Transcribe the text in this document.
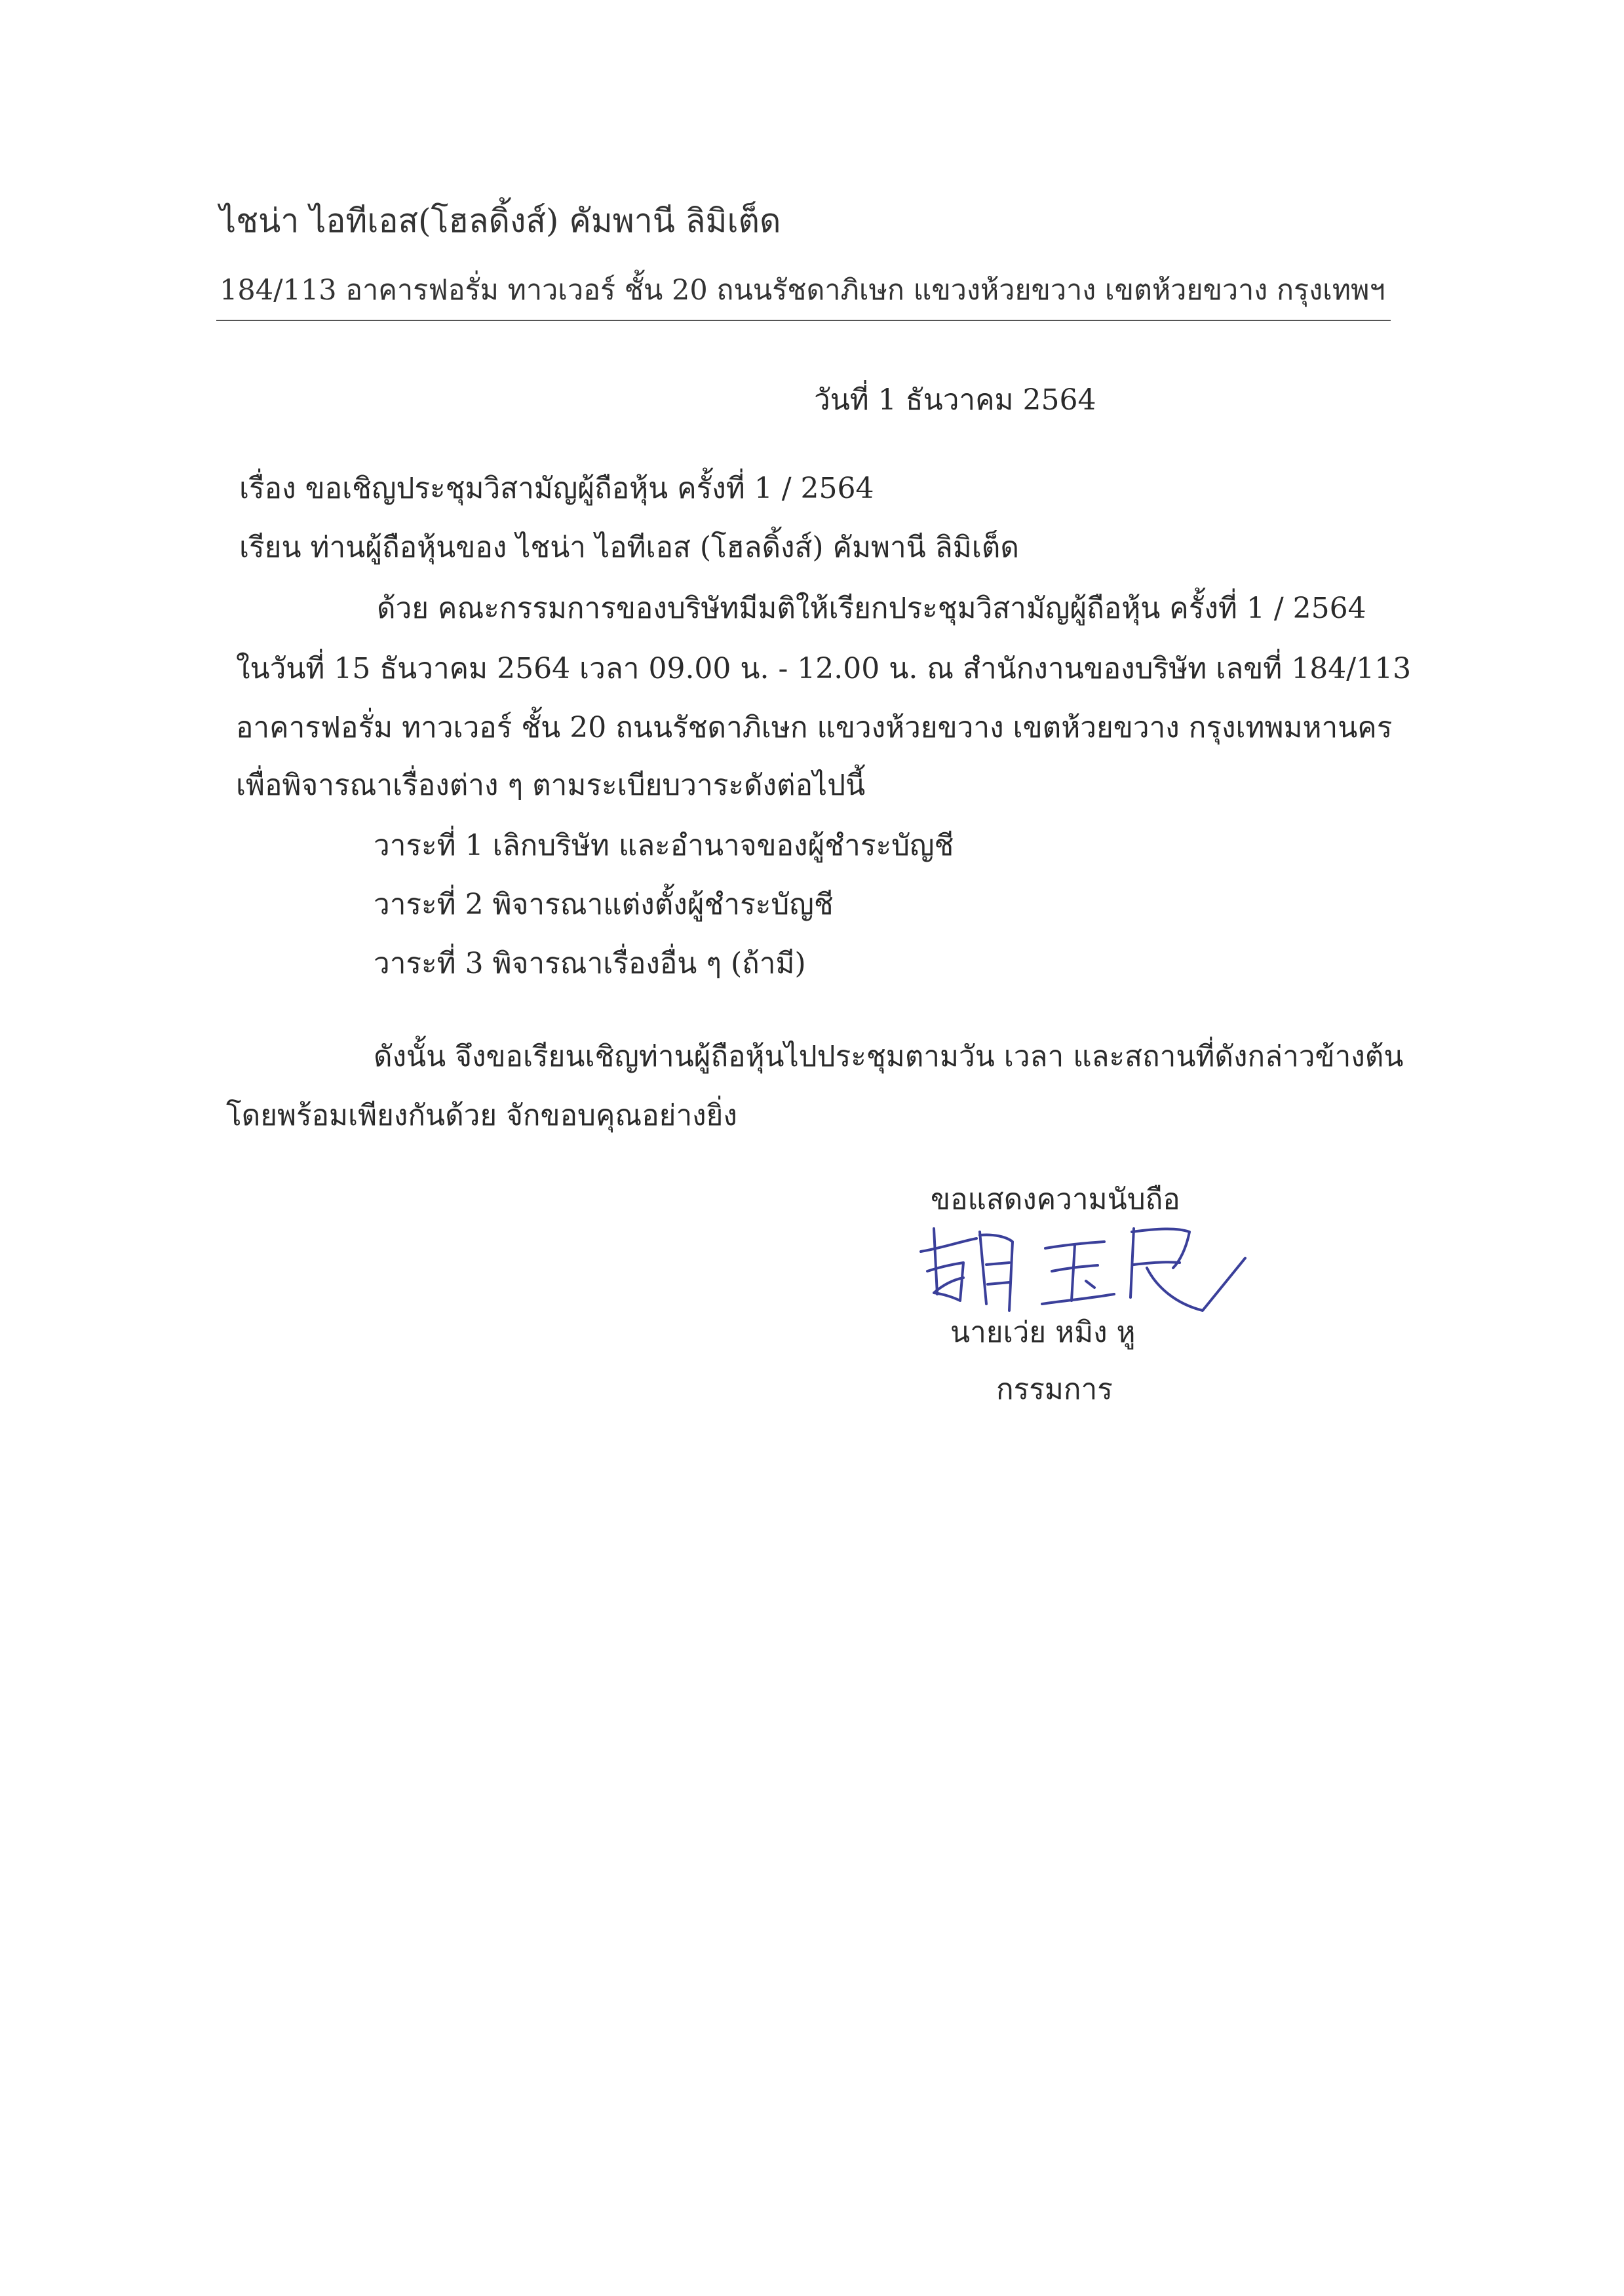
ไชน่า ไอทีเอส(โฮลดิ้งส์) คัมพานี ลิมิเต็ด
184/113 อาคารฟอรั่ม ทาวเวอร์ ชั้น 20 ถนนรัชดาภิเษก แขวงห้วยขวาง เขตห้วยขวาง กรุงเทพฯ
วันที่ 1 ธันวาคม 2564
เรื่อง ขอเชิญประชุมวิสามัญผู้ถือหุ้น ครั้งที่ 1 / 2564
เรียน ท่านผู้ถือหุ้นของ ไชน่า ไอทีเอส (โฮลดิ้งส์) คัมพานี ลิมิเต็ด
ด้วย คณะกรรมการของบริษัทมีมติให้เรียกประชุมวิสามัญผู้ถือหุ้น ครั้งที่ 1 / 2564
ในวันที่ 15 ธันวาคม 2564 เวลา 09.00 น. - 12.00 น. ณ สำนักงานของบริษัท เลขที่ 184/113
อาคารฟอรั่ม ทาวเวอร์ ชั้น 20 ถนนรัชดาภิเษก แขวงห้วยขวาง เขตห้วยขวาง กรุงเทพมหานคร
เพื่อพิจารณาเรื่องต่าง ๆ ตามระเบียบวาระดังต่อไปนี้
วาระที่ 1 เลิกบริษัท และอำนาจของผู้ชำระบัญชี
วาระที่ 2 พิจารณาแต่งตั้งผู้ชำระบัญชี
วาระที่ 3 พิจารณาเรื่องอื่น ๆ (ถ้ามี)
ดังนั้น จึงขอเรียนเชิญท่านผู้ถือหุ้นไปประชุมตามวัน เวลา และสถานที่ดังกล่าวข้างต้น
โดยพร้อมเพียงกันด้วย จักขอบคุณอย่างยิ่ง
ขอแสดงความนับถือ
นายเว่ย หมิง หู
กรรมการ
